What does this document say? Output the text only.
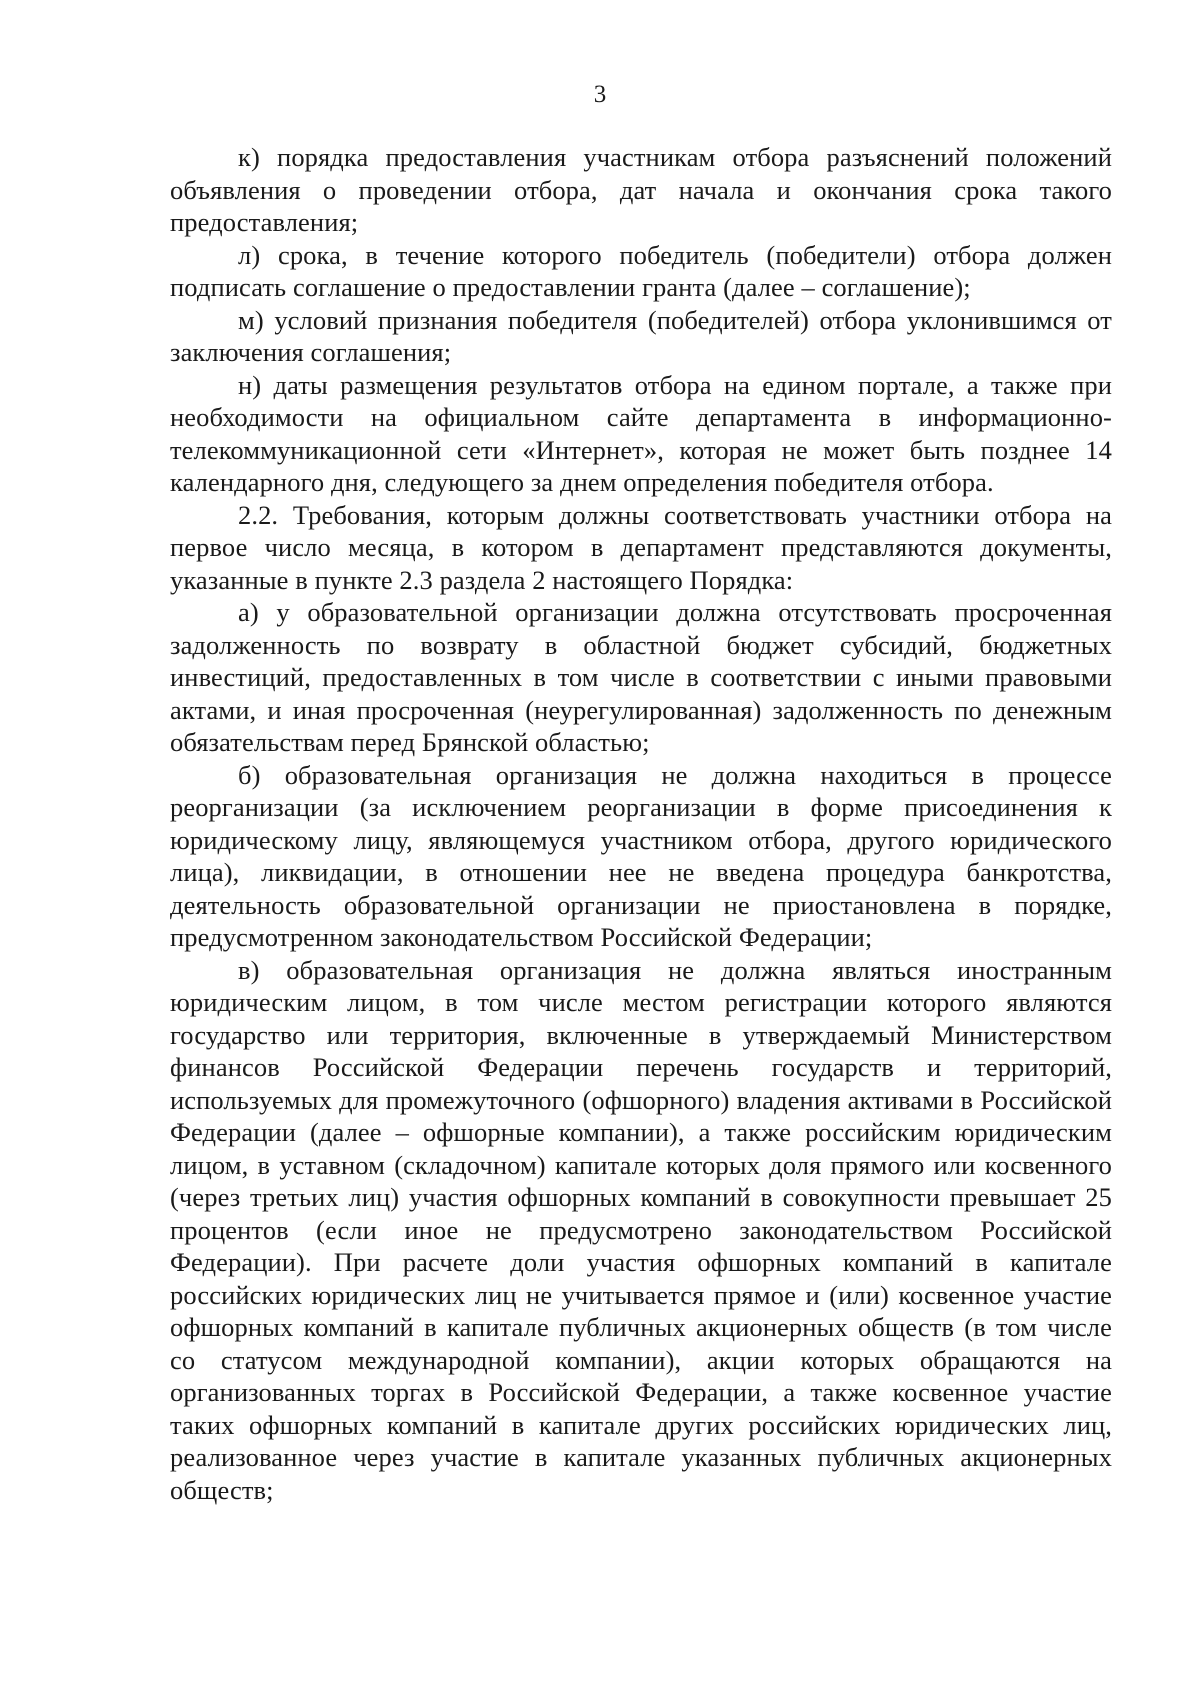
3

к) порядка предоставления участникам отбора разъяснений положений объявления о проведении отбора, дат начала и окончания срока такого предоставления;

л) срока, в течение которого победитель (победители) отбора должен подписать соглашение о предоставлении гранта (далее – соглашение);

м) условий признания победителя (победителей) отбора уклонившимся от заключения соглашения;

н) даты размещения результатов отбора на едином портале, а также при необходимости на официальном сайте департамента в информационно-телекоммуникационной сети «Интернет», которая не может быть позднее 14 календарного дня, следующего за днем определения победителя отбора.

2.2. Требования, которым должны соответствовать участники отбора на первое число месяца, в котором в департамент представляются документы, указанные в пункте 2.3 раздела 2 настоящего Порядка:

а) у образовательной организации должна отсутствовать просроченная задолженность по возврату в областной бюджет субсидий, бюджетных инвестиций, предоставленных в том числе в соответствии с иными правовыми актами, и иная просроченная (неурегулированная) задолженность по денежным обязательствам перед Брянской областью;

б) образовательная организация не должна находиться в процессе реорганизации (за исключением реорганизации в форме присоединения к юридическому лицу, являющемуся участником отбора, другого юридического лица), ликвидации, в отношении нее не введена процедура банкротства, деятельность образовательной организации не приостановлена в порядке, предусмотренном законодательством Российской Федерации;

в) образовательная организация не должна являться иностранным юридическим лицом, в том числе местом регистрации которого являются государство или территория, включенные в утверждаемый Министерством финансов Российской Федерации перечень государств и территорий, используемых для промежуточного (офшорного) владения активами в Российской Федерации (далее – офшорные компании), а также российским юридическим лицом, в уставном (складочном) капитале которых доля прямого или косвенного (через третьих лиц) участия офшорных компаний в совокупности превышает 25 процентов (если иное не предусмотрено законодательством Российской Федерации). При расчете доли участия офшорных компаний в капитале российских юридических лиц не учитывается прямое и (или) косвенное участие офшорных компаний в капитале публичных акционерных обществ (в том числе со статусом международной компании), акции которых обращаются на организованных торгах в Российской Федерации, а также косвенное участие таких офшорных компаний в капитале других российских юридических лиц, реализованное через участие в капитале указанных публичных акционерных обществ;
